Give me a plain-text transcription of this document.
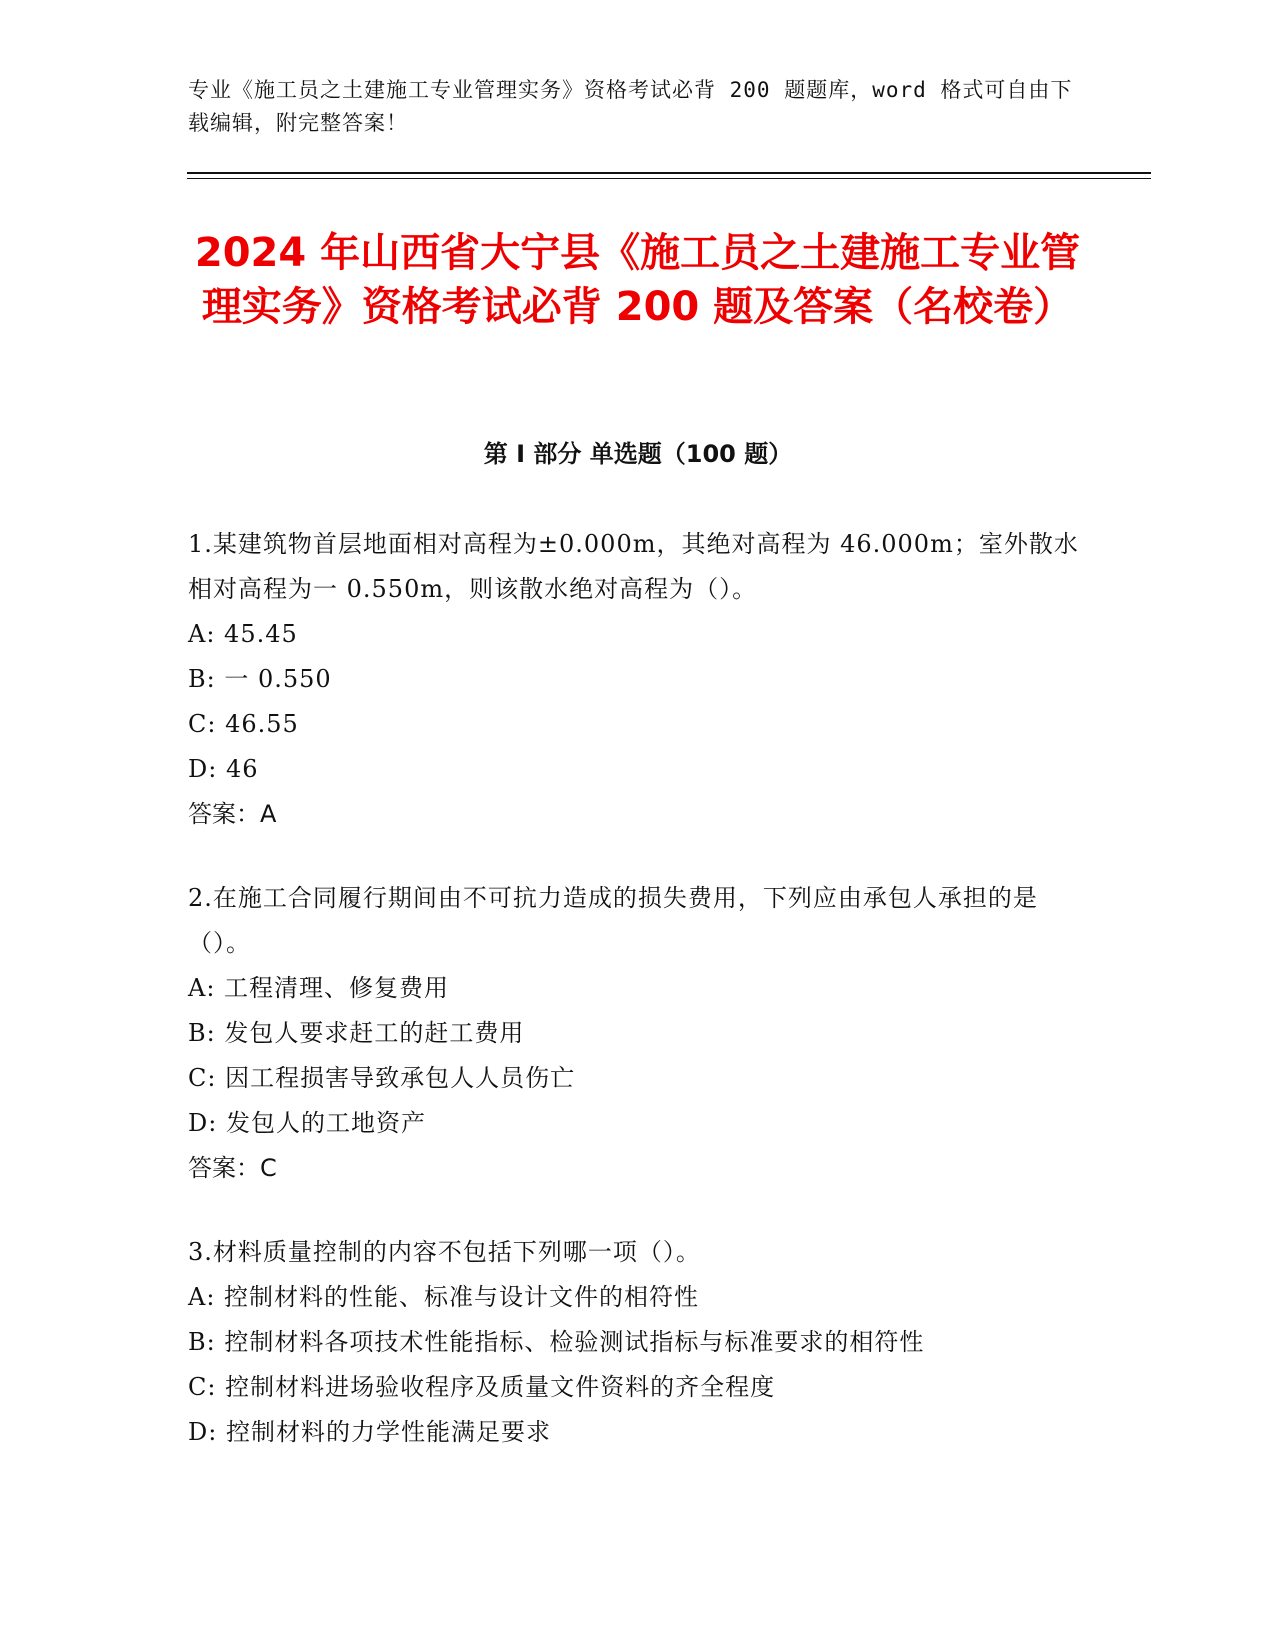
专业《施工员之土建施工专业管理实务》资格考试必背 200 题题库，word 格式可自由下载编辑，附完整答案！

2024 年山西省大宁县《施工员之土建施工专业管理实务》资格考试必背 200 题及答案（名校卷）
第 I 部分 单选题（100 题）

1.某建筑物首层地面相对高程为±0.000m，其绝对高程为 46.000m；室外散水相对高程为一 0.550m，则该散水绝对高程为（）。

A: 45.45

B: 一 0.550

C: 46.55

D: 46

答案：A

2.在施工合同履行期间由不可抗力造成的损失费用，下列应由承包人承担的是（）。

A: 工程清理、修复费用

B: 发包人要求赶工的赶工费用

C: 因工程损害导致承包人人员伤亡

D: 发包人的工地资产

答案：C

3.材料质量控制的内容不包括下列哪一项（）。

A: 控制材料的性能、标准与设计文件的相符性

B: 控制材料各项技术性能指标、检验测试指标与标准要求的相符性

C: 控制材料进场验收程序及质量文件资料的齐全程度

D: 控制材料的力学性能满足要求
